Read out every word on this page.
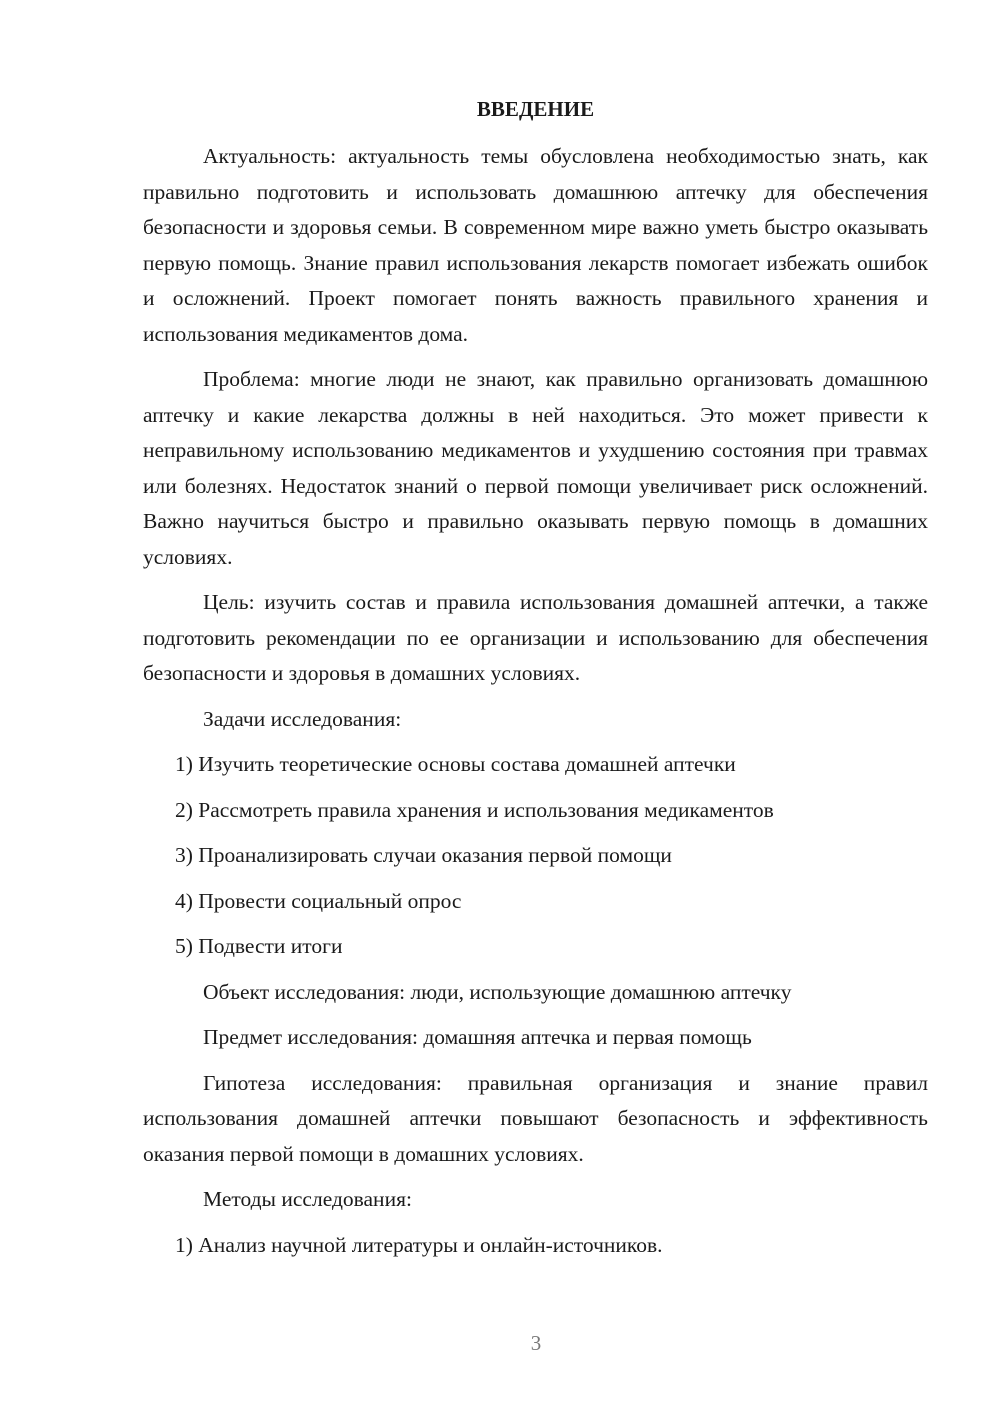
ВВЕДЕНИЕ

Актуальность: актуальность темы обусловлена необходимостью знать, как правильно подготовить и использовать домашнюю аптечку для обеспечения безопасности и здоровья семьи. В современном мире важно уметь быстро оказывать первую помощь. Знание правил использования лекарств помогает избежать ошибок и осложнений. Проект помогает понять важность правильного хранения и использования медикаментов дома.

Проблема: многие люди не знают, как правильно организовать домашнюю аптечку и какие лекарства должны в ней находиться. Это может привести к неправильному использованию медикаментов и ухудшению состояния при травмах или болезнях. Недостаток знаний о первой помощи увеличивает риск осложнений. Важно научиться быстро и правильно оказывать первую помощь в домашних условиях.

Цель: изучить состав и правила использования домашней аптечки, а также подготовить рекомендации по ее организации и использованию для обеспечения безопасности и здоровья в домашних условиях.

Задачи исследования:

1) Изучить теоретические основы состава домашней аптечки

2) Рассмотреть правила хранения и использования медикаментов

3) Проанализировать случаи оказания первой помощи

4) Провести социальный опрос

5) Подвести итоги

Объект исследования: люди, использующие домашнюю аптечку

Предмет исследования: домашняя аптечка и первая помощь

Гипотеза исследования: правильная организация и знание правил использования домашней аптечки повышают безопасность и эффективность оказания первой помощи в домашних условиях.

Методы исследования:

1) Анализ научной литературы и онлайн-источников.

3
